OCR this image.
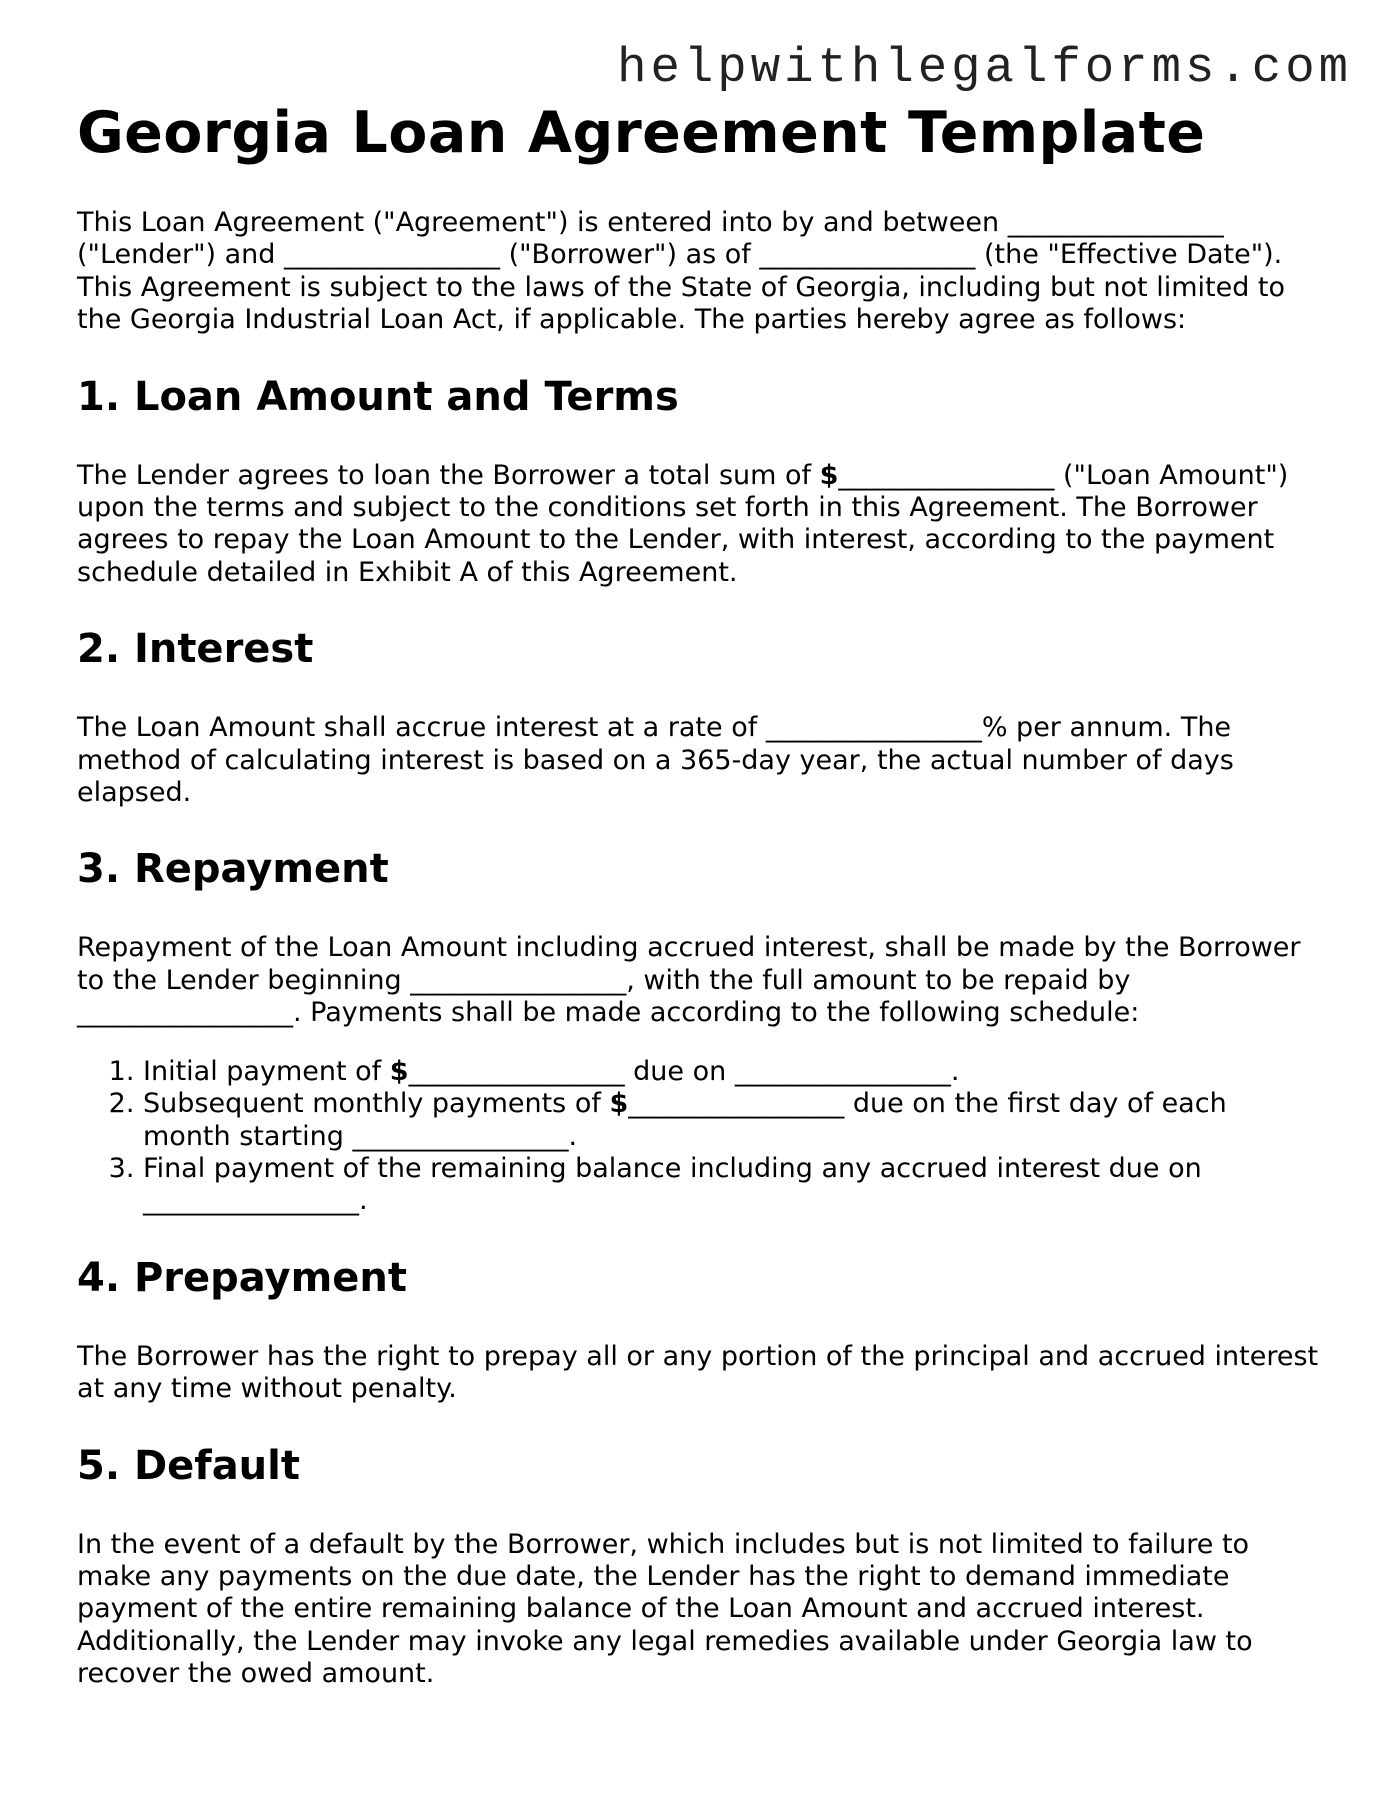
helpwithlegalforms.com
Georgia Loan Agreement Template

This Loan Agreement ("Agreement") is entered into by and between ________________ ("Lender") and ________________ ("Borrower") as of ________________ (the "Effective Date"). This Agreement is subject to the laws of the State of Georgia, including but not limited to the Georgia Industrial Loan Act, if applicable. The parties hereby agree as follows:

1. Loan Amount and Terms

The Lender agrees to loan the Borrower a total sum of $________________ ("Loan Amount") upon the terms and subject to the conditions set forth in this Agreement. The Borrower agrees to repay the Loan Amount to the Lender, with interest, according to the payment schedule detailed in Exhibit A of this Agreement.

2. Interest

The Loan Amount shall accrue interest at a rate of ________________% per annum. The method of calculating interest is based on a 365-day year, the actual number of days elapsed.

3. Repayment

Repayment of the Loan Amount including accrued interest, shall be made by the Borrower to the Lender beginning ________________, with the full amount to be repaid by ________________. Payments shall be made according to the following schedule:

1. Initial payment of $________________ due on ________________.
2. Subsequent monthly payments of $________________ due on the first day of each month starting ________________.
3. Final payment of the remaining balance including any accrued interest due on ________________.
4. Prepayment

The Borrower has the right to prepay all or any portion of the principal and accrued interest at any time without penalty.

5. Default

In the event of a default by the Borrower, which includes but is not limited to failure to make any payments on the due date, the Lender has the right to demand immediate payment of the entire remaining balance of the Loan Amount and accrued interest. Additionally, the Lender may invoke any legal remedies available under Georgia law to recover the owed amount.
